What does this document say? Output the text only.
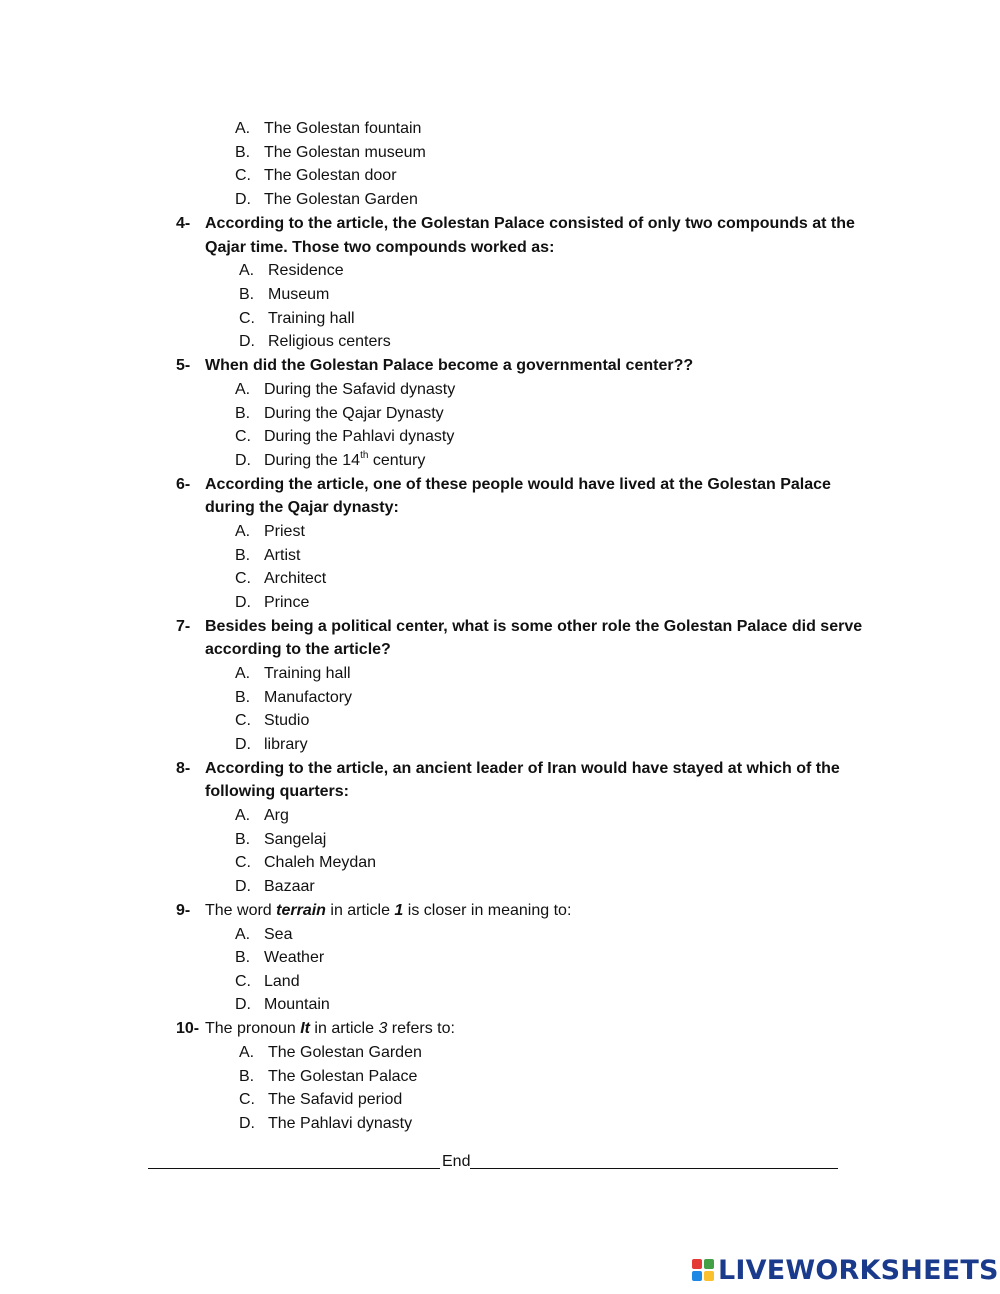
A. The Golestan fountain
B. The Golestan museum
C. The Golestan door
D. The Golestan Garden
4- According to the article, the Golestan Palace consisted of only two compounds at the
Qajar time. Those two compounds worked as:
A. Residence
B. Museum
C. Training hall
D. Religious centers
5- When did the Golestan Palace become a governmental center??
A. During the Safavid dynasty
B. During the Qajar Dynasty
C. During the Pahlavi dynasty
D. During the 14th century
6- According the article, one of these people would have lived at the Golestan Palace
during the Qajar dynasty:
A. Priest
B. Artist
C. Architect
D. Prince
7- Besides being a political center, what is some other role the Golestan Palace did serve
according to the article?
A. Training hall
B. Manufactory
C. Studio
D. library
8- According to the article, an ancient leader of Iran would have stayed at which of the
following quarters:
A. Arg
B. Sangelaj
C. Chaleh Meydan
D. Bazaar
9- The word terrain in article 1 is closer in meaning to:
A. Sea
B. Weather
C. Land
D. Mountain
10- The pronoun It in article 3 refers to:
A. The Golestan Garden
B. The Golestan Palace
C. The Safavid period
D. The Pahlavi dynasty
End
LIVEWORKSHEETS
